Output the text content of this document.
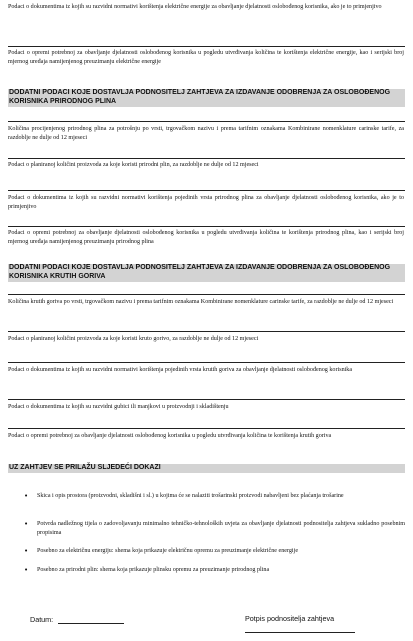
Podaci o dokumentima iz kojih su razvidni normativi korištenja električne energije za obavljanje djelatnosti oslobođenog korisnika, ako je to primjenjivo
Podaci o opremi potrebnoj za obavljanje djelatnosti oslobođenog korisnika u pogledu utvrđivanja količina te korištenja električne energije, kao i serijski broj mjernog uređaja namijenjenog preuzimanju električne energije
DODATNI PODACI KOJE DOSTAVLJA PODNOSITELJ ZAHTJEVA ZA IZDAVANJE ODOBRENJA ZA OSLOBOĐENOG KORISNIKA PRIRODNOG PLINA
Količina procijenjenog prirodnog plina za potrošnju po vrsti, trgovačkom nazivu i prema tarifnim oznakama Kombinirane nomenklature carinske tarife, za razdoblje ne dulje od 12 mjeseci
Podaci o planiranoj količini proizvoda za koje koristi prirodni plin, za razdoblje ne dulje od 12 mjeseci
Podaci o dokumentima iz kojih su razvidni normativi korištenja pojedinih vrsta prirodnog plina za obavljanje djelatnosti oslobođenog korisnika, ako je to primjenjivo
Podaci o opremi potrebnoj za obavljanje djelatnosti oslobođenog korisnika u pogledu utvrđivanja količina te korištenja prirodnog plina, kao i serijski broj mjernog uređaja namijenjenog preuzimanju prirodnog plina
DODATNI PODACI KOJE DOSTAVLJA PODNOSITELJ ZAHTJEVA ZA IZDAVANJE ODOBRENJA ZA OSLOBOĐENOG KORISNIKA KRUTIH GORIVA
Količina krutih goriva po vrsti, trgovačkom nazivu i prema tarifnim oznakama Kombinirane nomenklature carinske tarife, za razdoblje ne dulje od 12 mjeseci
Podaci o planiranoj količini proizvoda za koje koristi kruto gorivo, za razdoblje ne dulje od 12 mjeseci
Podaci o dokumentima iz kojih su razvidni normativi korištenja pojedinih vrsta krutih goriva za obavljanje djelatnosti oslobođenog korisnika
Podaci o dokumentima iz kojih su razvidni gubici ili manjkovi u proizvodnji i skladištenju
Podaci o opremi potrebnoj za obavljanje djelatnosti oslobođenog korisnika u pogledu utvrđivanja količina te korištenja krutih goriva
UZ ZAHTJEV SE PRILAŽU SLJEDEĆI DOKAZI
• Skica i opis prostora (proizvodni, skladišni i sl.) u kojima će se nalaziti trošarinski proizvodi nabavljeni bez plaćanja trošarine
• Potvrda nadležnog tijela o zadovoljavanju minimalno tehničko-tehnoloških uvjeta za obavljanje djelatnosti podnositelja zahtjeva sukladno posebnim propisima
• Posebno za električnu energiju: shema koja prikazuje električnu opremu za preuzimanje električne energije
• Posebno za prirodni plin: shema koja prikazuje plinsku opremu za preuzimanje prirodnog plina
Datum:	Potpis podnositelja zahtjeva
